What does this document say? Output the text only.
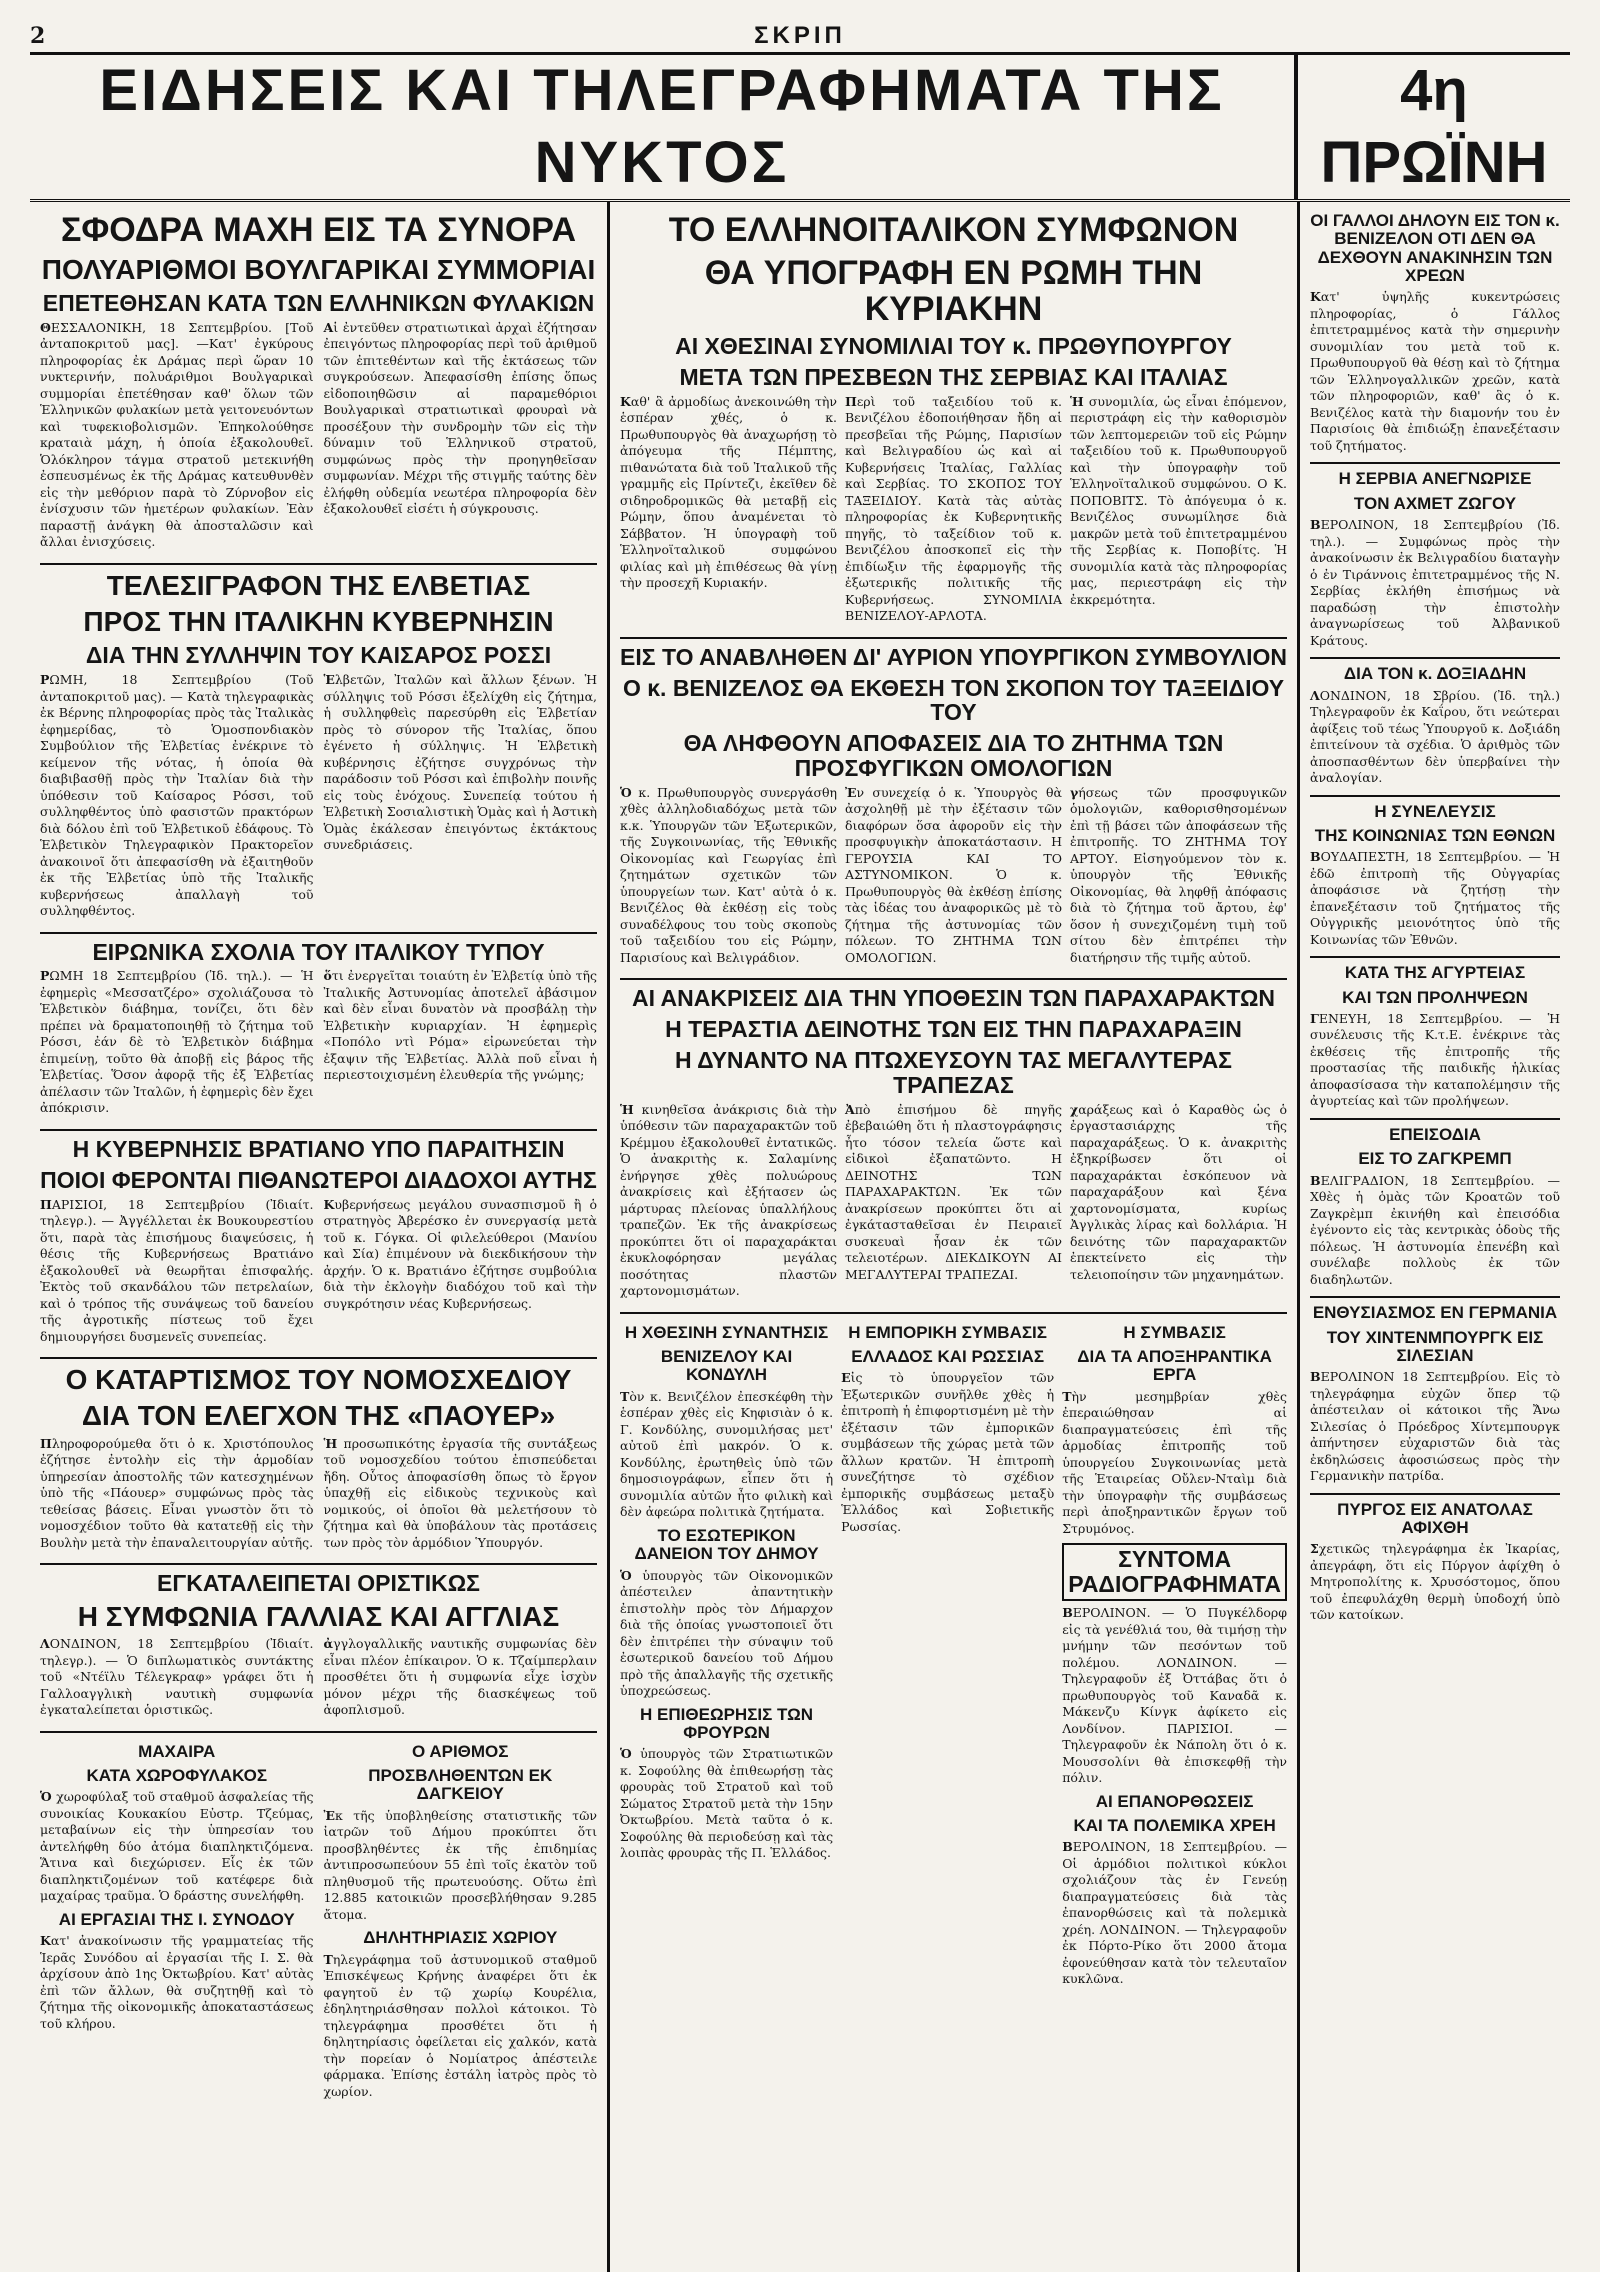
2	ΣΚΡΙΠ
ΕΙΔΗΣΕΙΣ ΚΑΙ ΤΗΛΕΓΡΑΦΗΜΑΤΑ ΤΗΣ ΝΥΚΤΟΣ
4η ΠΡΩΪΝΗ
ΣΦΟΔΡΑ ΜΑΧΗ ΕΙΣ ΤΑ ΣΥΝΟΡΑ
ΠΟΛΥΑΡΙΘΜΟΙ ΒΟΥΛΓΑΡΙΚΑΙ ΣΥΜΜΟΡΙΑΙ
ΕΠΕΤΕΘΗΣΑΝ ΚΑΤΑ ΤΩΝ ΕΛΛΗΝΙΚΩΝ ΦΥΛΑΚΙΩΝ

ΘΕΣΣΑΛΟΝΙΚΗ, 18 Σεπτεμβρίου. [Τοῦ ἀνταποκριτοῦ μας]. —Κατ' ἐγκύρους πληροφορίας ἐκ Δράμας περὶ ὥραν 10 νυκτερινήν, πολυάριθμοι Βουλγαρικαὶ συμμορίαι ἐπετέθησαν καθ' ὅλων τῶν Ἑλληνικῶν φυλακίων μετὰ γειτονευόντων καὶ τυφεκιοβολισμῶν. Ἐπηκολούθησε κραταιὰ μάχη, ἡ ὁποία ἐξακολουθεῖ. Ὁλόκληρον τάγμα στρατοῦ μετεκινήθη ἐσπευσμένως ἐκ τῆς Δράμας κατευθυνθὲν εἰς τὴν μεθόριον παρὰ τὸ Ζύρνοβον εἰς ἐνίσχυσιν τῶν ἡμετέρων φυλακίων. Ἐὰν παραστῇ ἀνάγκη θὰ ἀποσταλῶσιν καὶ ἄλλαι ἐνισχύσεις.

Αἱ ἐντεῦθεν στρατιωτικαὶ ἀρχαὶ ἐζήτησαν ἐπειγόντως πληροφορίας περὶ τοῦ ἀριθμοῦ τῶν ἐπιτεθέντων καὶ τῆς ἐκτάσεως τῶν συγκρούσεων. Ἀπεφασίσθη ἐπίσης ὅπως εἰδοποιηθῶσιν αἱ παραμεθόριοι Βουλγαρικαὶ στρατιωτικαὶ φρουραὶ νὰ προσέξουν τὴν συνδρομὴν τῶν εἰς τὴν δύναμιν τοῦ Ἑλληνικοῦ στρατοῦ, συμφώνως πρὸς τὴν προηγηθεῖσαν συμφωνίαν. Μέχρι τῆς στιγμῆς ταύτης δὲν ἐλήφθη οὐδεμία νεωτέρα πληροφορία δὲν ἐξακολουθεῖ εἰσέτι ἡ σύγκρουσις.

ΤΕΛΕΣΙΓΡΑΦΟΝ ΤΗΣ ΕΛΒΕΤΙΑΣ
ΠΡΟΣ ΤΗΝ ΙΤΑΛΙΚΗΝ ΚΥΒΕΡΝΗΣΙΝ
ΔΙΑ ΤΗΝ ΣΥΛΛΗΨΙΝ ΤΟΥ ΚΑΙΣΑΡΟΣ ΡΟΣΣΙ

ΡΩΜΗ, 18 Σεπτεμβρίου (Τοῦ ἀνταποκριτοῦ μας). — Κατὰ τηλεγραφικὰς ἐκ Βέρνης πληροφορίας πρὸς τὰς Ἰταλικὰς ἐφημερίδας, τὸ Ὁμοσπονδιακὸν Συμβούλιον τῆς Ἑλβετίας ἐνέκρινε τὸ κείμενον τῆς νότας, ἡ ὁποία θὰ διαβιβασθῇ πρὸς τὴν Ἰταλίαν διὰ τὴν ὑπόθεσιν τοῦ Καίσαρος Ρόσσι, τοῦ συλληφθέντος ὑπὸ φασιστῶν πρακτόρων διὰ δόλου ἐπὶ τοῦ Ἑλβετικοῦ ἐδάφους. Τὸ Ἑλβετικὸν Τηλεγραφικὸν Πρακτορεῖον ἀνακοινοῖ ὅτι ἀπεφασίσθη νὰ ἐξαιτηθοῦν ἐκ τῆς Ἑλβετίας ὑπὸ τῆς Ἰταλικῆς κυβερνήσεως ἀπαλλαγὴ τοῦ συλληφθέντος.

Ἑλβετῶν, Ἰταλῶν καὶ ἄλλων ξένων. Ἡ σύλληψις τοῦ Ρόσσι ἐξελίχθη εἰς ζήτημα, ἡ συλληφθεὶς παρεσύρθη εἰς Ἑλβετίαν πρὸς τὸ σύνορον τῆς Ἰταλίας, ὅπου ἐγένετο ἡ σύλληψις. Ἡ Ἑλβετικὴ κυβέρνησις ἐζήτησε συγχρόνως τὴν παράδοσιν τοῦ Ρόσσι καὶ ἐπιβολὴν ποινῆς εἰς τοὺς ἐνόχους. Συνεπείᾳ τούτου ἡ Ἑλβετικὴ Σοσιαλιστικὴ Ὁμὰς καὶ ἡ Ἀστικὴ Ὁμὰς ἐκάλεσαν ἐπειγόντως ἐκτάκτους συνεδριάσεις.

ΕΙΡΩΝΙΚΑ ΣΧΟΛΙΑ ΤΟΥ ΙΤΑΛΙΚΟΥ ΤΥΠΟΥ

ΡΩΜΗ 18 Σεπτεμβρίου (Ἰδ. τηλ.). — Ἡ ἐφημερὶς «Μεσσατζέρο» σχολιάζουσα τὸ Ἑλβετικὸν διάβημα, τονίζει, ὅτι δὲν πρέπει νὰ δραματοποιηθῇ τὸ ζήτημα τοῦ Ρόσσι, ἐάν δὲ τὸ Ἑλβετικὸν διάβημα ἐπιμείνῃ, τοῦτο θὰ ἀποβῇ εἰς βάρος τῆς Ἑλβετίας. Ὅσον ἀφορᾷ τῆς ἐξ Ἑλβετίας ἀπέλασιν τῶν Ἰταλῶν, ἡ ἐφημερὶς δὲν ἔχει ἀπόκρισιν.

ὅτι ἐνεργεῖται τοιαύτη ἐν Ἑλβετίᾳ ὑπὸ τῆς Ἰταλικῆς Ἀστυνομίας ἀποτελεῖ ἀβάσιμον καὶ δὲν εἶναι δυνατὸν νὰ προσβάλῃ τὴν Ἑλβετικὴν κυριαρχίαν. Ἡ ἐφημερὶς «Ποπόλο ντὶ Ρόμα» εἰρωνεύεται τὴν ἐξαψιν τῆς Ἑλβετίας. Ἀλλὰ ποῦ εἶναι ἡ περιεστοιχισμένη ἐλευθερία τῆς γνώμης;

Η ΚΥΒΕΡΝΗΣΙΣ ΒΡΑΤΙΑΝΟ ΥΠΟ ΠΑΡΑΙΤΗΣΙΝ
ΠΟΙΟΙ ΦΕΡΟΝΤΑΙ ΠΙΘΑΝΩΤΕΡΟΙ ΔΙΑΔΟΧΟΙ ΑΥΤΗΣ

ΠΑΡΙΣΙΟΙ, 18 Σεπτεμβρίου (Ἰδιαίτ. τηλεγρ.). — Ἀγγέλλεται ἐκ Βουκουρεστίου ὅτι, παρὰ τὰς ἐπισήμους διαψεύσεις, ἡ θέσις τῆς Κυβερνήσεως Βρατιάνο ἐξακολουθεῖ νὰ θεωρῆται ἐπισφαλής. Ἐκτὸς τοῦ σκανδάλου τῶν πετρελαίων, καὶ ὁ τρόπος τῆς συνάψεως τοῦ δανείου τῆς ἀγροτικῆς πίστεως τοῦ ἔχει δημιουργήσει δυσμενεῖς συνεπείας.

Κυβερνήσεως μεγάλου συνασπισμοῦ ἢ ὁ στρατηγὸς Ἀβερέσκο ἐν συνεργασίᾳ μετὰ τοῦ κ. Γόγκα. Οἱ φιλελεύθεροι (Μανίου καὶ Σία) ἐπιμένουν νὰ διεκδικήσουν τὴν ἀρχήν. Ὁ κ. Βρατιάνο ἐζήτησε συμβούλια διὰ τὴν ἐκλογὴν διαδόχου τοῦ καὶ τὴν συγκρότησιν νέας Κυβερνήσεως.

Ο ΚΑΤΑΡΤΙΣΜΟΣ ΤΟΥ ΝΟΜΟΣΧΕΔΙΟΥ
ΔΙΑ ΤΟΝ ΕΛΕΓΧΟΝ ΤΗΣ «ΠΑΟΥΕΡ»

Πληροφορούμεθα ὅτι ὁ κ. Χριστόπουλος ἐζήτησε ἐντολὴν εἰς τὴν ἁρμοδίαν ὑπηρεσίαν ἀποστολῆς τῶν κατεσχημένων ὑπὸ τῆς «Πάουερ» συμφώνως πρὸς τὰς τεθείσας βάσεις. Εἶναι γνωστὸν ὅτι τὸ νομοσχέδιον τοῦτο θὰ κατατεθῇ εἰς τὴν Βουλὴν μετὰ τὴν ἐπαναλειτουργίαν αὐτῆς.

Ἡ προσωπικότης ἐργασία τῆς συντάξεως τοῦ νομοσχεδίου τούτου ἐπισπεύδεται ἤδη. Οὗτος ἀποφασίσθη ὅπως τὸ ἔργον ὑπαχθῇ εἰς εἰδικοὺς τεχνικοὺς καὶ νομικούς, οἱ ὁποῖοι θὰ μελετήσουν τὸ ζήτημα καὶ θὰ ὑποβάλουν τὰς προτάσεις των πρὸς τὸν ἁρμόδιον Ὑπουργόν.

ΕΓΚΑΤΑΛΕΙΠΕΤΑΙ ΟΡΙΣΤΙΚΩΣ
Η ΣΥΜΦΩΝΙΑ ΓΑΛΛΙΑΣ ΚΑΙ ΑΓΓΛΙΑΣ

ΛΟΝΔΙΝΟΝ, 18 Σεπτεμβρίου (Ἰδιαίτ. τηλεγρ.). — Ὁ διπλωματικὸς συντάκτης τοῦ «Ντέϊλυ Τέλεγκραφ» γράφει ὅτι ἡ Γαλλοαγγλικὴ ναυτικὴ συμφωνία ἐγκαταλείπεται ὁριστικῶς.

ἀγγλογαλλικῆς ναυτικῆς συμφωνίας δὲν εἶναι πλέον ἐπίκαιρον. Ὁ κ. Τζαίμπερλαιν προσθέτει ὅτι ἡ συμφωνία εἶχε ἰσχὺν μόνον μέχρι τῆς διασκέψεως τοῦ ἀφοπλισμοῦ.

ΜΑΧΑΙΡΑ
ΚΑΤΑ ΧΩΡΟΦΥΛΑΚΟΣ

Ὁ χωροφύλαξ τοῦ σταθμοῦ ἀσφαλείας τῆς συνοικίας Κουκακίου Εὐστρ. Τζεύμας, μεταβαίνων εἰς τὴν ὑπηρεσίαν του ἀντελήφθη δύο ἀτόμα διαπληκτιζόμενα. Ἅτινα καὶ διεχώρισεν. Εἷς ἐκ τῶν διαπληκτιζομένων τοῦ κατέφερε διὰ μαχαίρας τραῦμα. Ὁ δράστης συνελήφθη.

ΑΙ ΕΡΓΑΣΙΑΙ ΤΗΣ Ι. ΣΥΝΟΔΟΥ

Κατ' ἀνακοίνωσιν τῆς γραμματείας τῆς Ἱερᾶς Συνόδου αἱ ἐργασίαι τῆς Ι. Σ. θὰ ἀρχίσουν ἀπὸ 1ης Ὀκτωβρίου. Κατ' αὐτὰς ἐπὶ τῶν ἄλλων, θὰ συζητηθῇ καὶ τὸ ζήτημα τῆς οἰκονομικῆς ἀποκαταστάσεως τοῦ κλήρου.

Ο ΑΡΙΘΜΟΣ
ΠΡΟΣΒΛΗΘΕΝΤΩΝ ΕΚ ΔΑΓΚΕΙΟΥ

Ἐκ τῆς ὑποβληθείσης στατιστικῆς τῶν ἰατρῶν τοῦ Δήμου προκύπτει ὅτι προσβληθέντες ἐκ τῆς ἐπιδημίας ἀντιπροσωπεύουν 55 ἐπὶ τοῖς ἑκατὸν τοῦ πληθυσμοῦ τῆς πρωτευούσης. Οὕτω ἐπὶ 12.885 κατοικιῶν προσεβλήθησαν 9.285 ἄτομα.

ΔΗΛΗΤΗΡΙΑΣΙΣ ΧΩΡΙΟΥ

Τηλεγράφημα τοῦ ἀστυνομικοῦ σταθμοῦ Ἐπισκέψεως Κρήνης ἀναφέρει ὅτι ἐκ φαγητοῦ ἐν τῷ χωρίῳ Κουρέλια, ἐδηλητηριάσθησαν πολλοὶ κάτοικοι. Τὸ τηλεγράφημα προσθέτει ὅτι ἡ δηλητηρίασις ὀφείλεται εἰς χαλκόν, κατὰ τὴν πορείαν ὁ Νομίατρος ἀπέστειλε φάρμακα. Ἐπίσης ἐστάλη ἰατρὸς πρὸς τὸ χωρίον.

ΤΟ ΕΛΛΗΝΟΙΤΑΛΙΚΟΝ ΣΥΜΦΩΝΟΝ
ΘΑ ΥΠΟΓΡΑΦΗ ΕΝ ΡΩΜΗ ΤΗΝ ΚΥΡΙΑΚΗΝ
ΑΙ ΧΘΕΣΙΝΑΙ ΣΥΝΟΜΙΛΙΑΙ ΤΟΥ κ. ΠΡΩΘΥΠΟΥΡΓΟΥ
ΜΕΤΑ ΤΩΝ ΠΡΕΣΒΕΩΝ ΤΗΣ ΣΕΡΒΙΑΣ ΚΑΙ ΙΤΑΛΙΑΣ

Καθ' ἃ ἀρμοδίως ἀνεκοινώθη τὴν ἑσπέραν χθές, ὁ κ. Πρωθυπουργὸς θὰ ἀναχωρήσῃ τὸ ἀπόγευμα τῆς Πέμπτης, πιθανώτατα διὰ τοῦ Ἰταλικοῦ τῆς γραμμῆς εἰς Πρίντεζι, ἐκεῖθεν δὲ σιδηροδρομικῶς θὰ μεταβῇ εἰς Ρώμην, ὅπου ἀναμένεται τὸ Σάββατον. Ἡ ὑπογραφὴ τοῦ Ἑλληνοϊταλικοῦ συμφώνου φιλίας καὶ μὴ ἐπιθέσεως θὰ γίνῃ τὴν προσεχῆ Κυριακήν.

Περὶ τοῦ ταξειδίου τοῦ κ. Βενιζέλου ἐδοποιήθησαν ἤδη αἱ πρεσβεῖαι τῆς Ρώμης, Παρισίων καὶ Βελιγραδίου ὡς καὶ αἱ Κυβερνήσεις Ἰταλίας, Γαλλίας καὶ Σερβίας. ΤΟ ΣΚΟΠΟΣ ΤΟΥ ΤΑΞΕΙΔΙΟΥ. Κατὰ τὰς αὐτὰς πληροφορίας ἐκ Κυβερνητικῆς πηγῆς, τὸ ταξείδιον τοῦ κ. Βενιζέλου ἀποσκοπεῖ εἰς τὴν ἐπιδίωξιν τῆς ἐφαρμογῆς τῆς ἐξωτερικῆς πολιτικῆς τῆς Κυβερνήσεως. ΣΥΝΟΜΙΛΙΑ ΒΕΝΙΖΕΛΟΥ-ΑΡΛΟΤΑ.

Ἡ συνομιλία, ὡς εἶναι ἐπόμενον, περιστράφη εἰς τὴν καθορισμὸν τῶν λεπτομερειῶν τοῦ εἰς Ρώμην ταξειδίου τοῦ κ. Πρωθυπουργοῦ καὶ τὴν ὑπογραφὴν τοῦ Ἑλληνοϊταλικοῦ συμφώνου. Ο Κ. ΠΟΠΟΒΙΤΣ. Τὸ ἀπόγευμα ὁ κ. Βενιζέλος συνωμίλησε διὰ μακρῶν μετὰ τοῦ ἐπιτετραμμένου τῆς Σερβίας κ. Ποποβίτς. Ἡ συνομιλία κατὰ τὰς πληροφορίας μας, περιεστράφη εἰς τὴν ἐκκρεμότητα.

ΕΙΣ ΤΟ ΑΝΑΒΛΗΘΕΝ ΔΙ' ΑΥΡΙΟΝ ΥΠΟΥΡΓΙΚΟΝ ΣΥΜΒΟΥΛΙΟΝ
Ο κ. ΒΕΝΙΖΕΛΟΣ ΘΑ ΕΚΘΕΣΗ ΤΟΝ ΣΚΟΠΟΝ ΤΟΥ ΤΑΞΕΙΔΙΟΥ ΤΟΥ
ΘΑ ΛΗΦΘΟΥΝ ΑΠΟΦΑΣΕΙΣ ΔΙΑ ΤΟ ΖΗΤΗΜΑ ΤΩΝ ΠΡΟΣΦΥΓΙΚΩΝ ΟΜΟΛΟΓΙΩΝ

Ὁ κ. Πρωθυπουργὸς συνεργάσθη χθὲς ἀλληλοδιαδόχως μετὰ τῶν κ.κ. Ὑπουργῶν τῶν Ἐξωτερικῶν, τῆς Συγκοινωνίας, τῆς Ἐθνικῆς Οἰκονομίας καὶ Γεωργίας ἐπὶ ζητημάτων σχετικῶν τῶν ὑπουργείων των. Κατ' αὐτὰ ὁ κ. Βενιζέλος θὰ ἐκθέσῃ εἰς τοὺς συναδέλφους του τοὺς σκοποὺς τοῦ ταξειδίου του εἰς Ρώμην, Παρισίους καὶ Βελιγράδιον.

Ἐν συνεχείᾳ ὁ κ. Ὑπουργὸς θὰ ἀσχοληθῇ μὲ τὴν ἐξέτασιν τῶν διαφόρων ὅσα ἀφοροῦν εἰς τὴν προσφυγικὴν ἀποκατάστασιν. Η ΓΕΡΟΥΣΙΑ ΚΑΙ ΤΟ ΑΣΤΥΝΟΜΙΚΟΝ. Ὁ κ. Πρωθυπουργὸς θὰ ἐκθέσῃ ἐπίσης τὰς ἰδέας του ἀναφορικῶς μὲ τὸ ζήτημα τῆς ἀστυνομίας τῶν πόλεων. ΤΟ ΖΗΤΗΜΑ ΤΩΝ ΟΜΟΛΟΓΙΩΝ.

γήσεως τῶν προσφυγικῶν ὁμολογιῶν, καθορισθησομένων ἐπὶ τῇ βάσει τῶν ἀποφάσεων τῆς ἐπιτροπῆς. ΤΟ ΖΗΤΗΜΑ ΤΟΥ ΑΡΤΟΥ. Εἰσηγούμενον τὸν κ. ὑπουργὸν τῆς Ἐθνικῆς Οἰκονομίας, θὰ ληφθῇ ἀπόφασις διὰ τὸ ζήτημα τοῦ ἄρτου, ἐφ' ὅσον ἡ συνεχιζομένη τιμὴ τοῦ σίτου δὲν ἐπιτρέπει τὴν διατήρησιν τῆς τιμῆς αὐτοῦ.

ΑΙ ΑΝΑΚΡΙΣΕΙΣ ΔΙΑ ΤΗΝ ΥΠΟΘΕΣΙΝ ΤΩΝ ΠΑΡΑΧΑΡΑΚΤΩΝ
Η ΤΕΡΑΣΤΙΑ ΔΕΙΝΟΤΗΣ ΤΩΝ ΕΙΣ ΤΗΝ ΠΑΡΑΧΑΡΑΞΙΝ
Η ΔΥΝΑΝΤΟ ΝΑ ΠΤΩΧΕΥΣΟΥΝ ΤΑΣ ΜΕΓΑΛΥΤΕΡΑΣ ΤΡΑΠΕΖΑΣ

Ἡ κινηθεῖσα ἀνάκρισις διὰ τὴν ὑπόθεσιν τῶν παραχαρακτῶν τοῦ Κρέμμου ἐξακολουθεῖ ἐντατικῶς. Ὁ ἀνακριτὴς κ. Σαλαμίνης ἐνήργησε χθὲς πολυώρους ἀνακρίσεις καὶ ἐξήτασεν ὡς μάρτυρας πλείονας ὑπαλλήλους τραπεζῶν. Ἐκ τῆς ἀνακρίσεως προκύπτει ὅτι οἱ παραχαράκται ἐκυκλοφόρησαν μεγάλας ποσότητας πλαστῶν χαρτονομισμάτων.

Ἀπὸ ἐπισήμου δὲ πηγῆς ἐβεβαιώθη ὅτι ἡ πλαστογράφησις ἦτο τόσον τελεία ὥστε καὶ εἰδικοὶ ἐξαπατῶντο. Η ΔΕΙΝΟΤΗΣ ΤΩΝ ΠΑΡΑΧΑΡΑΚΤΩΝ. Ἐκ τῶν ἀνακρίσεων προκύπτει ὅτι αἱ ἐγκάτασταθεῖσαι ἐν Πειραιεῖ συσκευαὶ ἦσαν ἐκ τῶν τελειοτέρων. ΔΙΕΚΔΙΚΟΥΝ ΑΙ ΜΕΓΑΛΥΤΕΡΑΙ ΤΡΑΠΕΖΑΙ.

χαράξεως καὶ ὁ Καραθὸς ὡς ὁ ἐργαστασιάρχης τῆς παραχαράξεως. Ὁ κ. ἀνακριτὴς ἐξηκρίβωσεν ὅτι οἱ παραχαράκται ἐσκόπευον νὰ παραχαράξουν καὶ ξένα χαρτονομίσματα, κυρίως Ἀγγλικὰς λίρας καὶ δολλάρια. Ἡ δεινότης τῶν παραχαρακτῶν ἐπεκτείνετο εἰς τὴν τελειοποίησιν τῶν μηχανημάτων.

Η ΧΘΕΣΙΝΗ ΣΥΝΑΝΤΗΣΙΣ
ΒΕΝΙΖΕΛΟΥ ΚΑΙ ΚΟΝΔΥΛΗ

Τὸν κ. Βενιζέλον ἐπεσκέφθη τὴν ἑσπέραν χθὲς εἰς Κηφισιὰν ὁ κ. Γ. Κονδύλης, συνομιλήσας μετ' αὐτοῦ ἐπὶ μακρόν. Ὁ κ. Κονδύλης, ἐρωτηθεὶς ὑπὸ τῶν δημοσιογράφων, εἶπεν ὅτι ἡ συνομιλία αὐτῶν ἦτο φιλικὴ καὶ δὲν ἀφεώρα πολιτικὰ ζητήματα.

ΤΟ ΕΣΩΤΕΡΙΚΟΝ ΔΑΝΕΙΟΝ ΤΟΥ ΔΗΜΟΥ

Ὁ ὑπουργὸς τῶν Οἰκονομικῶν ἀπέστειλεν ἀπαντητικὴν ἐπιστολὴν πρὸς τὸν Δήμαρχον διὰ τῆς ὁποίας γνωστοποιεῖ ὅτι δὲν ἐπιτρέπει τὴν σύναψιν τοῦ ἐσωτερικοῦ δανείου τοῦ Δήμου πρὸ τῆς ἀπαλλαγῆς τῆς σχετικῆς ὑποχρεώσεως.

Η ΕΠΙΘΕΩΡΗΣΙΣ ΤΩΝ ΦΡΟΥΡΩΝ

Ὁ ὑπουργὸς τῶν Στρατιωτικῶν κ. Σοφούλης θὰ ἐπιθεωρήσῃ τὰς φρουρὰς τοῦ Στρατοῦ καὶ τοῦ Σώματος Στρατοῦ μετὰ τὴν 15ην Ὀκτωβρίου. Μετὰ ταῦτα ὁ κ. Σοφούλης θὰ περιοδεύσῃ καὶ τὰς λοιπὰς φρουρὰς τῆς Π. Ἑλλάδος.

Η ΕΜΠΟΡΙΚΗ ΣΥΜΒΑΣΙΣ
ΕΛΛΑΔΟΣ ΚΑΙ ΡΩΣΣΙΑΣ

Εἰς τὸ ὑπουργεῖον τῶν Ἐξωτερικῶν συνῆλθε χθὲς ἡ ἐπιτροπὴ ἡ ἐπιφορτισμένη μὲ τὴν ἐξέτασιν τῶν ἐμπορικῶν συμβάσεων τῆς χώρας μετὰ τῶν ἄλλων κρατῶν. Ἡ ἐπιτροπὴ συνεζήτησε τὸ σχέδιον ἐμπορικῆς συμβάσεως μεταξὺ Ἑλλάδος καὶ Σοβιετικῆς Ρωσσίας.

Η ΣΥΜΒΑΣΙΣ
ΔΙΑ ΤΑ ΑΠΟΞΗΡΑΝΤΙΚΑ ΕΡΓΑ

Τὴν μεσημβρίαν χθὲς ἐπεραιώθησαν αἱ διαπραγματεύσεις ἐπὶ τῆς ἁρμοδίας ἐπιτροπῆς τοῦ ὑπουργείου Συγκοινωνίας μετὰ τῆς Ἑταιρείας Οὔλεν-Νταὶμ διὰ τὴν ὑπογραφὴν τῆς συμβάσεως περὶ ἀποξηραντικῶν ἔργων τοῦ Στρυμόνος.

ΣΥΝΤΟΜΑ ΡΑΔΙΟΓΡΑΦΗΜΑΤΑ

ΒΕΡΟΛΙΝΟΝ. — Ὁ Πυγκέλδορφ εἰς τὰ γενέθλιά του, θὰ τιμήσῃ τὴν μνήμην τῶν πεσόντων τοῦ πολέμου. ΛΟΝΔΙΝΟΝ. — Τηλεγραφοῦν ἐξ Ὀττάβας ὅτι ὁ πρωθυπουργὸς τοῦ Καναδᾶ κ. Μάκενζυ Κίνγκ ἀφίκετο εἰς Λονδίνον. ΠΑΡΙΣΙΟΙ. — Τηλεγραφοῦν ἐκ Νάπολη ὅτι ὁ κ. Μουσσολίνι θὰ ἐπισκεφθῇ τὴν πόλιν.

ΑΙ ΕΠΑΝΟΡΘΩΣΕΙΣ
ΚΑΙ ΤΑ ΠΟΛΕΜΙΚΑ ΧΡΕΗ

ΒΕΡΟΛΙΝΟΝ, 18 Σεπτεμβρίου. — Οἱ ἁρμόδιοι πολιτικοὶ κύκλοι σχολιάζουν τὰς ἐν Γενεύῃ διαπραγματεύσεις διὰ τὰς ἐπανορθώσεις καὶ τὰ πολεμικὰ χρέη. ΛΟΝΔΙΝΟΝ. — Τηλεγραφοῦν ἐκ Πόρτο-Ρίκο ὅτι 2000 ἄτομα ἐφονεύθησαν κατὰ τὸν τελευταῖον κυκλῶνα.

ΟΙ ΓΑΛΛΟΙ ΔΗΛΟΥΝ ΕΙΣ ΤΟΝ κ. ΒΕΝΙΖΕΛΟΝ ΟΤΙ ΔΕΝ ΘΑ ΔΕΧΘΟΥΝ ΑΝΑΚΙΝΗΣΙΝ ΤΩΝ ΧΡΕΩΝ

Κατ' ὑψηλῆς κυκεντρώσεις πληροφορίας, ὁ Γάλλος ἐπιτετραμμένος κατὰ τὴν σημερινὴν συνομιλίαν του μετὰ τοῦ κ. Πρωθυπουργοῦ θὰ θέσῃ καὶ τὸ ζήτημα τῶν Ἑλληνογαλλικῶν χρεῶν, κατὰ τῶν πληροφοριῶν, καθ' ἃς ὁ κ. Βενιζέλος κατὰ τὴν διαμονήν του ἐν Παρισίοις θὰ ἐπιδιώξῃ ἐπανεξέτασιν τοῦ ζητήματος.

Η ΣΕΡΒΙΑ ΑΝΕΓΝΩΡΙΣΕ
ΤΟΝ ΑΧΜΕΤ ΖΩΓΟΥ

ΒΕΡΟΛΙΝΟΝ, 18 Σεπτεμβρίου (Ἰδ. τηλ.). — Συμφώνως πρὸς τὴν ἀνακοίνωσιν ἐκ Βελιγραδίου διαταγὴν ὁ ἐν Τιράννοις ἐπιτετραμμένος τῆς Ν. Σερβίας ἐκλήθη ἐπισήμως νὰ παραδώσῃ τὴν ἐπιστολὴν ἀναγνωρίσεως τοῦ Ἀλβανικοῦ Κράτους.

ΔΙΑ ΤΟΝ κ. ΔΟΞΙΑΔΗΝ

ΛΟΝΔΙΝΟΝ, 18 Σβρίου. (Ἰδ. τηλ.) Τηλεγραφοῦν ἐκ Καΐρου, ὅτι νεώτεραι ἀφίξεις τοῦ τέως Ὑπουργοῦ κ. Δοξιάδη ἐπιτείνουν τὰ σχέδια. Ὁ ἀριθμὸς τῶν ἀποσπασθέντων δὲν ὑπερβαίνει τὴν ἀναλογίαν.

Η ΣΥΝΕΛΕΥΣΙΣ
ΤΗΣ ΚΟΙΝΩΝΙΑΣ ΤΩΝ ΕΘΝΩΝ

ΒΟΥΔΑΠΕΣΤΗ, 18 Σεπτεμβρίου. — Ἡ ἐδῶ ἐπιτροπὴ τῆς Οὐγγαρίας ἀποφάσισε νὰ ζητήσῃ τὴν ἐπανεξέτασιν τοῦ ζητήματος τῆς Οὐγγρικῆς μειονότητος ὑπὸ τῆς Κοινωνίας τῶν Ἐθνῶν.

ΚΑΤΑ ΤΗΣ ΑΓΥΡΤΕΙΑΣ
ΚΑΙ ΤΩΝ ΠΡΟΛΗΨΕΩΝ

ΓΕΝΕΥΗ, 18 Σεπτεμβρίου. — Ἡ συνέλευσις τῆς Κ.τ.Ε. ἐνέκρινε τὰς ἐκθέσεις τῆς ἐπιτροπῆς τῆς προστασίας τῆς παιδικῆς ἡλικίας ἀποφασίσασα τὴν καταπολέμησιν τῆς ἀγυρτείας καὶ τῶν προλήψεων.

ΕΠΕΙΣΟΔΙΑ
ΕΙΣ ΤΟ ΖΑΓΚΡΕΜΠ

ΒΕΛΙΓΡΑΔΙΟΝ, 18 Σεπτεμβρίου. — Χθὲς ἡ ὁμὰς τῶν Κροατῶν τοῦ Ζαγκρὲμπ ἐκινήθη καὶ ἐπεισόδια ἐγένοντο εἰς τὰς κεντρικὰς ὁδοὺς τῆς πόλεως. Ἡ ἀστυνομία ἐπενέβη καὶ συνέλαβε πολλοὺς ἐκ τῶν διαδηλωτῶν.

ΕΝΘΥΣΙΑΣΜΟΣ ΕΝ ΓΕΡΜΑΝΙΑ
ΤΟΥ ΧΙΝΤΕΝΜΠΟΥΡΓΚ ΕΙΣ ΣΙΛΕΣΙΑΝ

ΒΕΡΟΛΙΝΟΝ 18 Σεπτεμβρίου. Εἰς τὸ τηλεγράφημα εὐχῶν ὅπερ τῷ ἀπέστειλαν οἱ κάτοικοι τῆς Ἄνω Σιλεσίας ὁ Πρόεδρος Χίντεμπουργκ ἀπήντησεν εὐχαριστῶν διὰ τὰς ἐκδηλώσεις ἀφοσιώσεως πρὸς τὴν Γερμανικὴν πατρίδα.

ΠΥΡΓΟΣ ΕΙΣ ΑΝΑΤΟΛΑΣ ΑΦΙΧΘΗ

Σχετικῶς τηλεγράφημα ἐκ Ἰκαρίας, ἀπεγράφη, ὅτι εἰς Πύργον ἀφίχθη ὁ Μητροπολίτης κ. Χρυσόστομος, ὅπου τοῦ ἐπεφυλάχθη θερμὴ ὑποδοχή ὑπὸ τῶν κατοίκων.
